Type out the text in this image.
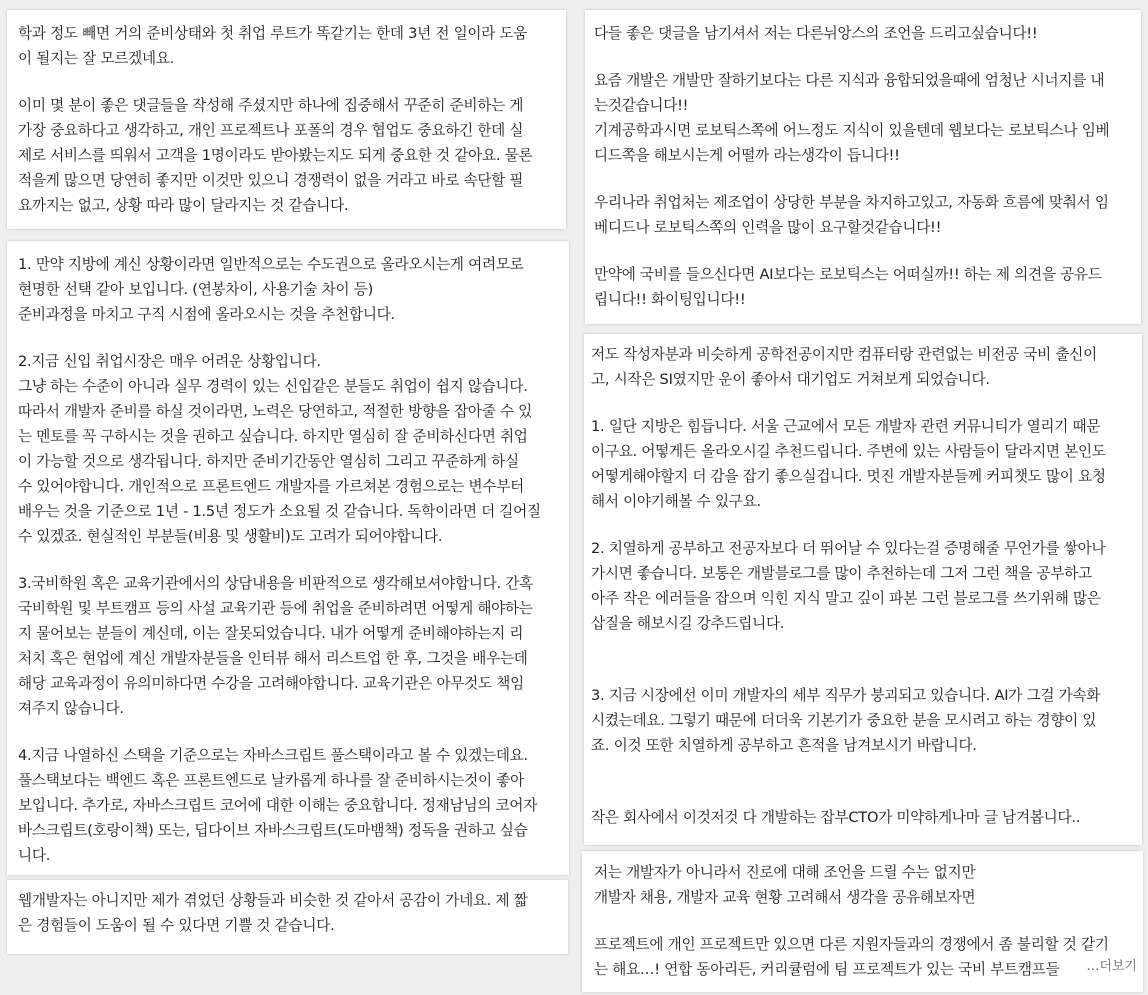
학과 정도 빼면 거의 준비상태와 첫 취업 루트가 똑같기는 한데 3년 전 일이라 도움
이 될지는 잘 모르겠네요.
이미 몇 분이 좋은 댓글들을 작성해 주셨지만 하나에 집중해서 꾸준히 준비하는 게
가장 중요하다고 생각하고, 개인 프로젝트나 포폴의 경우 협업도 중요하긴 한데 실
제로 서비스를 띄워서 고객을 1명이라도 받아봤는지도 되게 중요한 것 같아요. 물론
적을게 많으면 당연히 좋지만 이것만 있으니 경쟁력이 없을 거라고 바로 속단할 필
요까지는 없고, 상황 따라 많이 달라지는 것 같습니다.
1. 만약 지방에 계신 상황이라면 일반적으로는 수도권으로 올라오시는게 여려모로
현명한 선택 같아 보입니다. (연봉차이, 사용기술 차이 등)
준비과정을 마치고 구직 시점에 올라오시는 것을 추천합니다.
2.지금 신입 취업시장은 매우 어려운 상황입니다.
그냥 하는 수준이 아니라 실무 경력이 있는 신입같은 분들도 취업이 쉽지 않습니다.
따라서 개발자 준비를 하실 것이라면, 노력은 당연하고, 적절한 방향을 잡아줄 수 있
는 멘토를 꼭 구하시는 것을 권하고 싶습니다. 하지만 열심히 잘 준비하신다면 취업
이 가능할 것으로 생각됩니다. 하지만 준비기간동안 열심히 그리고 꾸준하게 하실
수 있어야합니다. 개인적으로 프론트엔드 개발자를 가르쳐본 경험으로는 변수부터
배우는 것을 기준으로 1년 - 1.5년 정도가 소요될 것 같습니다. 독학이라면 더 길어질
수 있겠죠. 현실적인 부분들(비용 및 생활비)도 고려가 되어야합니다.
3.국비학원 혹은 교육기관에서의 상담내용을 비판적으로 생각해보셔야합니다. 간혹
국비학원 및 부트캠프 등의 사설 교육기관 등에 취업을 준비하려면 어떻게 해야하는
지 물어보는 분들이 계신데, 이는 잘못되었습니다. 내가 어떻게 준비해야하는지 리
처치 혹은 현업에 계신 개발자분들을 인터뷰 해서 리스트업 한 후, 그것을 배우는데
해당 교육과정이 유의미하다면 수강을 고려해야합니다. 교육기관은 아무것도 책임
져주지 않습니다.
4.지금 나열하신 스택을 기준으로는 자바스크립트 풀스택이라고 볼 수 있겠는데요.
풀스택보다는 백엔드 혹은 프론트엔드로 날카롭게 하나를 잘 준비하시는것이 좋아
보입니다. 추가로, 자바스크립트 코어에 대한 이해는 중요합니다. 정재남님의 코어자
바스크립트(호랑이책) 또는, 딥다이브 자바스크립트(도마뱀책) 정독을 권하고 싶습
니다.
웹개발자는 아니지만 제가 겪었던 상황들과 비슷한 것 같아서 공감이 가네요. 제 짧
은 경험들이 도움이 될 수 있다면 기쁠 것 같습니다.
다들 좋은 댓글을 남기셔서 저는 다른뉘앙스의 조언을 드리고싶습니다!!
요즘 개발은 개발만 잘하기보다는 다른 지식과 융합되었을때에 엄청난 시너지를 내
는것같습니다!!
기계공학과시면 로보틱스쪽에 어느정도 지식이 있을텐데 웹보다는 로보틱스나 임베
디드쪽을 해보시는게 어떨까 라는생각이 듭니다!!
우리나라 취업처는 제조업이 상당한 부분을 차지하고있고, 자동화 흐름에 맞춰서 임
베디드나 로보틱스쪽의 인력을 많이 요구할것같습니다!!
만약에 국비를 들으신다면 AI보다는 로보틱스는 어떠실까!! 하는 제 의견을 공유드
립니다!! 화이팅입니다!!
저도 작성자분과 비슷하게 공학전공이지만 컴퓨터랑 관련없는 비전공 국비 출신이
고, 시작은 SI였지만 운이 좋아서 대기업도 거쳐보게 되었습니다.
1. 일단 지방은 힘듭니다. 서울 근교에서 모든 개발자 관련 커뮤니티가 열리기 때문
이구요. 어떻게든 올라오시길 추천드립니다. 주변에 있는 사람들이 달라지면 본인도
어떻게해야할지 더 감을 잡기 좋으실겁니다. 멋진 개발자분들께 커피챗도 많이 요청
해서 이야기해볼 수 있구요.
2. 치열하게 공부하고 전공자보다 더 뛰어날 수 있다는걸 증명해줄 무언가를 쌓아나
가시면 좋습니다. 보통은 개발블로그를 많이 추천하는데 그저 그런 책을 공부하고
아주 작은 에러들을 잡으며 익힌 지식 말고 깊이 파본 그런 블로그를 쓰기위해 많은
삽질을 해보시길 강추드립니다.
3. 지금 시장에선 이미 개발자의 세부 직무가 붕괴되고 있습니다. AI가 그걸 가속화
시켰는데요. 그렇기 때문에 더더욱 기본기가 중요한 분을 모시려고 하는 경향이 있
죠. 이것 또한 치열하게 공부하고 흔적을 남겨보시기 바랍니다.
작은 회사에서 이것저것 다 개발하는 잡부CTO가 미약하게나마 글 남겨봅니다..
저는 개발자가 아니라서 진로에 대해 조언을 드릴 수는 없지만
개발자 채용, 개발자 교육 현황 고려해서 생각을 공유해보자면
프로젝트에 개인 프로젝트만 있으면 다른 지원자들과의 경쟁에서 좀 불리할 것 같기
는 해요…! 연합 동아리든, 커리큘럼에 팀 프로젝트가 있는 국비 부트캠프들	…더보기
